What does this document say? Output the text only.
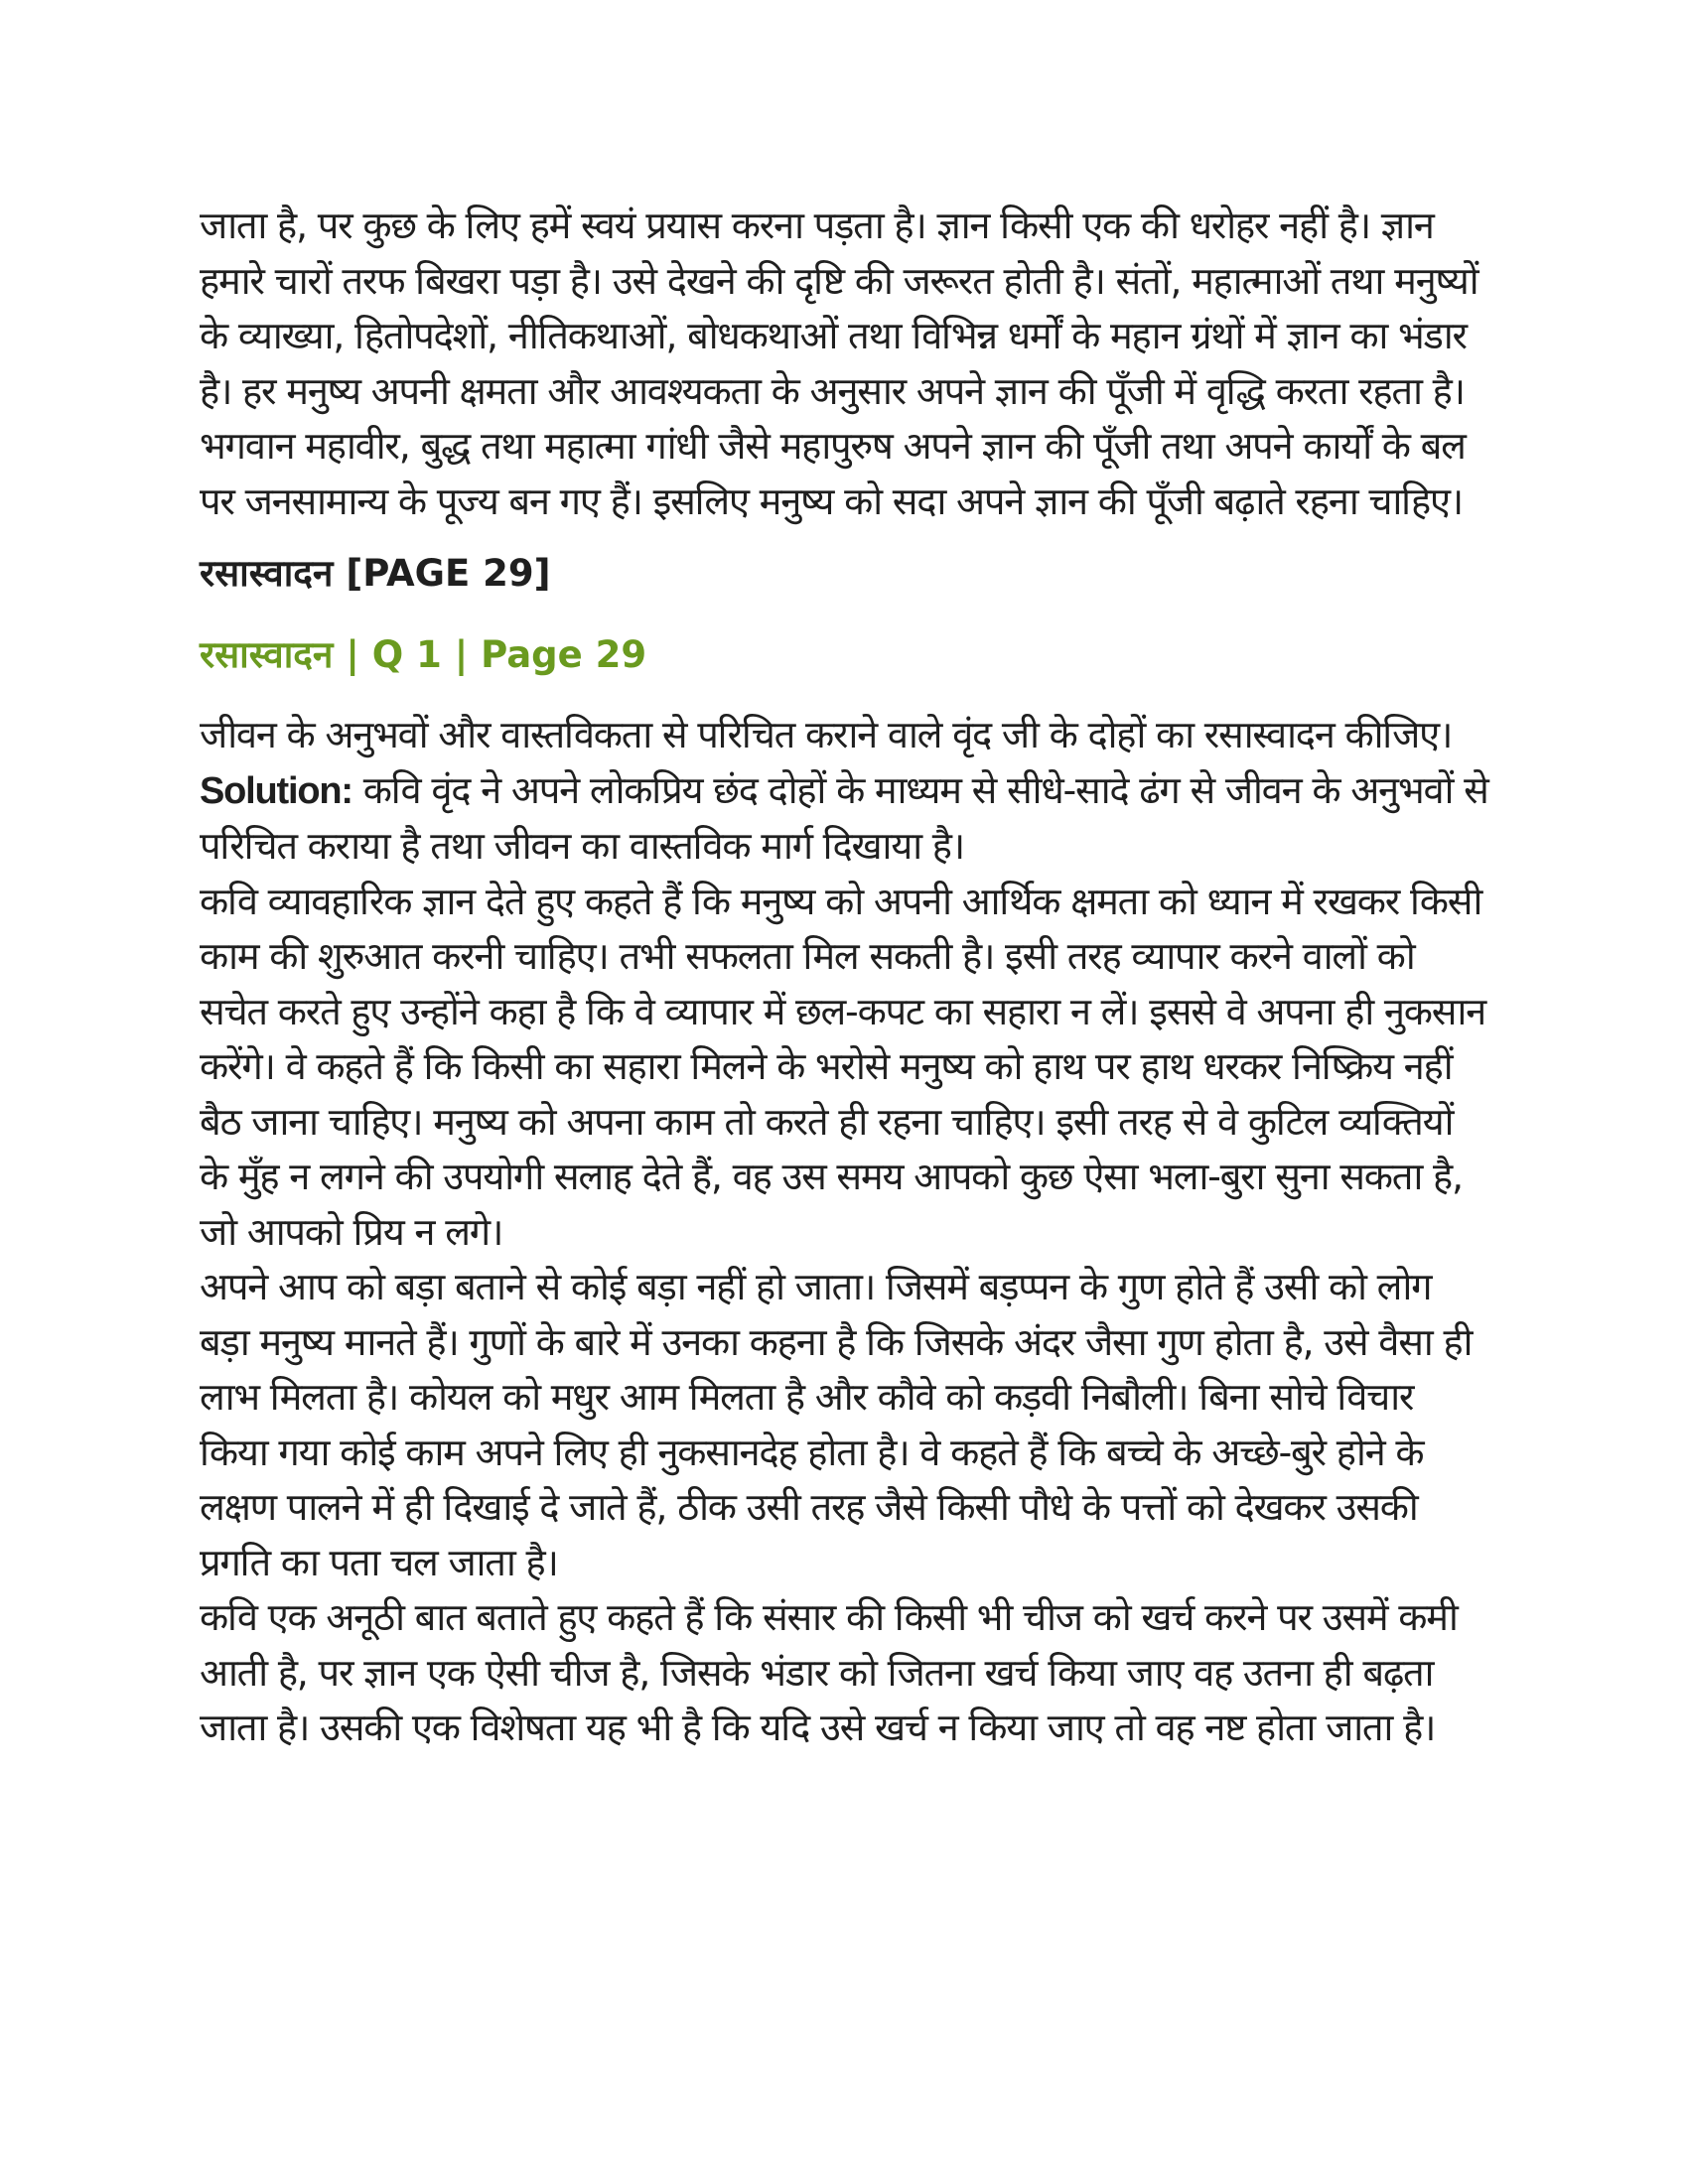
जाता है, पर कुछ के लिए हमें स्वयं प्रयास करना पड़ता है। ज्ञान किसी एक की धरोहर नहीं है। ज्ञान हमारे चारों तरफ बिखरा पड़ा है। उसे देखने की दृष्टि की जरूरत होती है। संतों, महात्माओं तथा मनुष्यों के व्याख्या, हितोपदेशों, नीतिकथाओं, बोधकथाओं तथा विभिन्न धर्मों के महान ग्रंथों में ज्ञान का भंडार है। हर मनुष्य अपनी क्षमता और आवश्यकता के अनुसार अपने ज्ञान की पूँजी में वृद्धि करता रहता है। भगवान महावीर, बुद्ध तथा महात्मा गांधी जैसे महापुरुष अपने ज्ञान की पूँजी तथा अपने कार्यों के बल पर जनसामान्य के पूज्य बन गए हैं। इसलिए मनुष्य को सदा अपने ज्ञान की पूँजी बढ़ाते रहना चाहिए।

रसास्वादन [PAGE 29]
रसास्वादन | Q 1 | Page 29

जीवन के अनुभवों और वास्तविकता से परिचित कराने वाले वृंद जी के दोहों का रसास्वादन कीजिए।

Solution: कवि वृंद ने अपने लोकप्रिय छंद दोहों के माध्यम से सीधे-सादे ढंग से जीवन के अनुभवों से परिचित कराया है तथा जीवन का वास्तविक मार्ग दिखाया है।

कवि व्यावहारिक ज्ञान देते हुए कहते हैं कि मनुष्य को अपनी आर्थिक क्षमता को ध्यान में रखकर किसी काम की शुरुआत करनी चाहिए। तभी सफलता मिल सकती है। इसी तरह व्यापार करने वालों को सचेत करते हुए उन्होंने कहा है कि वे व्यापार में छल-कपट का सहारा न लें। इससे वे अपना ही नुकसान करेंगे। वे कहते हैं कि किसी का सहारा मिलने के भरोसे मनुष्य को हाथ पर हाथ धरकर निष्क्रिय नहीं बैठ जाना चाहिए। मनुष्य को अपना काम तो करते ही रहना चाहिए। इसी तरह से वे कुटिल व्यक्तियों के मुँह न लगने की उपयोगी सलाह देते हैं, वह उस समय आपको कुछ ऐसा भला-बुरा सुना सकता है, जो आपको प्रिय न लगे।

अपने आप को बड़ा बताने से कोई बड़ा नहीं हो जाता। जिसमें बड़प्पन के गुण होते हैं उसी को लोग बड़ा मनुष्य मानते हैं। गुणों के बारे में उनका कहना है कि जिसके अंदर जैसा गुण होता है, उसे वैसा ही लाभ मिलता है। कोयल को मधुर आम मिलता है और कौवे को कड़वी निबौली। बिना सोचे विचार किया गया कोई काम अपने लिए ही नुकसानदेह होता है। वे कहते हैं कि बच्चे के अच्छे-बुरे होने के लक्षण पालने में ही दिखाई दे जाते हैं, ठीक उसी तरह जैसे किसी पौधे के पत्तों को देखकर उसकी प्रगति का पता चल जाता है।

कवि एक अनूठी बात बताते हुए कहते हैं कि संसार की किसी भी चीज को खर्च करने पर उसमें कमी आती है, पर ज्ञान एक ऐसी चीज है, जिसके भंडार को जितना खर्च किया जाए वह उतना ही बढ़ता जाता है। उसकी एक विशेषता यह भी है कि यदि उसे खर्च न किया जाए तो वह नष्ट होता जाता है।
